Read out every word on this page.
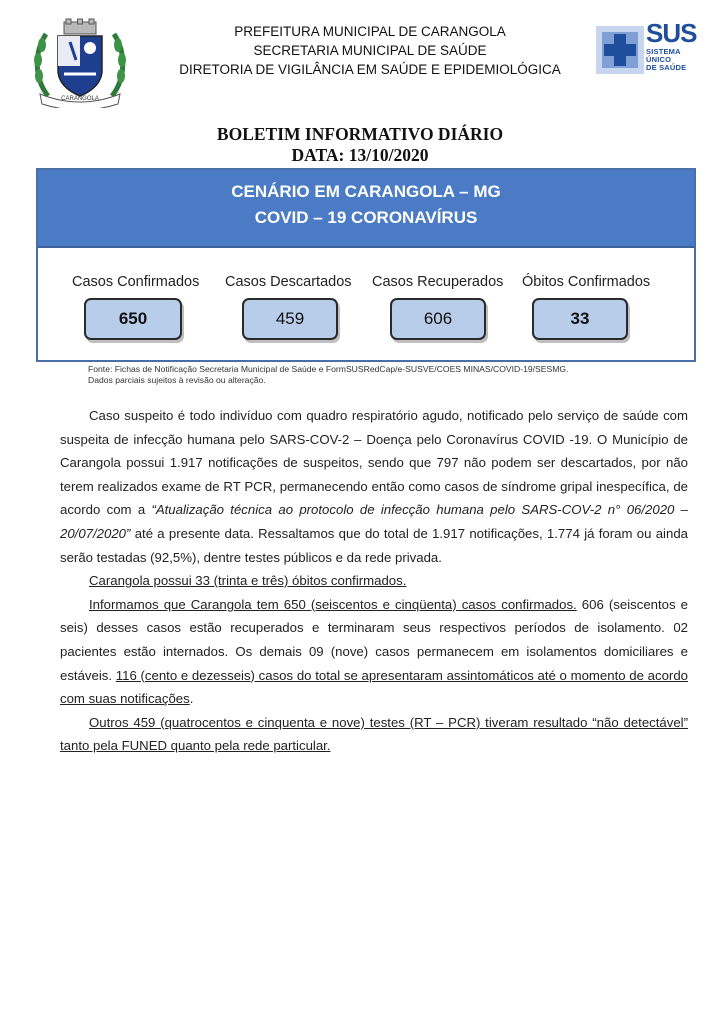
CARANGOLA
PREFEITURA MUNICIPAL DE CARANGOLA
SECRETARIA MUNICIPAL DE SAÚDE
DIRETORIA DE VIGILÂNCIA EM SAÚDE E EPIDEMIOLÓGICA
SUS
SISTEMA
ÚNICO
DE SAÚDE
BOLETIM INFORMATIVO DIÁRIO
DATA: 13/10/2020
CENÁRIO EM CARANGOLA – MG
COVID – 19 CORONAVÍRUS
Casos Confirmados
650
Casos Descartados
459
Casos Recuperados
606
Óbitos Confirmados
33
Fonte: Fichas de Notificação Secretaria Municipal de Saúde e FormSUSRedCap/e-SUSVE/COES MINAS/COVID-19/SESMG.
Dados parciais sujeitos à revisão ou alteração.

Caso suspeito é todo indivíduo com quadro respiratório agudo, notificado pelo serviço de saúde com suspeita de infecção humana pelo SARS-COV-2 – Doença pelo Coronavírus COVID -19. O Município de Carangola possui 1.917 notificações de suspeitos, sendo que 797 não podem ser descartados, por não terem realizados exame de RT PCR, permanecendo então como casos de síndrome gripal inespecífica, de acordo com a “Atualização técnica ao protocolo de infecção humana pelo SARS-COV-2 n° 06/2020 – 20/07/2020” até a presente data. Ressaltamos que do total de 1.917 notificações, 1.774 já foram ou ainda serão testadas (92,5%), dentre testes públicos e da rede privada.

Carangola possui 33 (trinta e três) óbitos confirmados.

Informamos que Carangola tem 650 (seiscentos e cinqüenta) casos confirmados. 606 (seiscentos e seis) desses casos estão recuperados e terminaram seus respectivos períodos de isolamento. 02 pacientes estão internados. Os demais 09 (nove) casos permanecem em isolamentos domiciliares e estáveis. 116 (cento e dezesseis) casos do total se apresentaram assintomáticos até o momento de acordo com suas notificações.

Outros 459 (quatrocentos e cinquenta e nove) testes (RT – PCR) tiveram resultado “não detectável” tanto pela FUNED quanto pela rede particular.
